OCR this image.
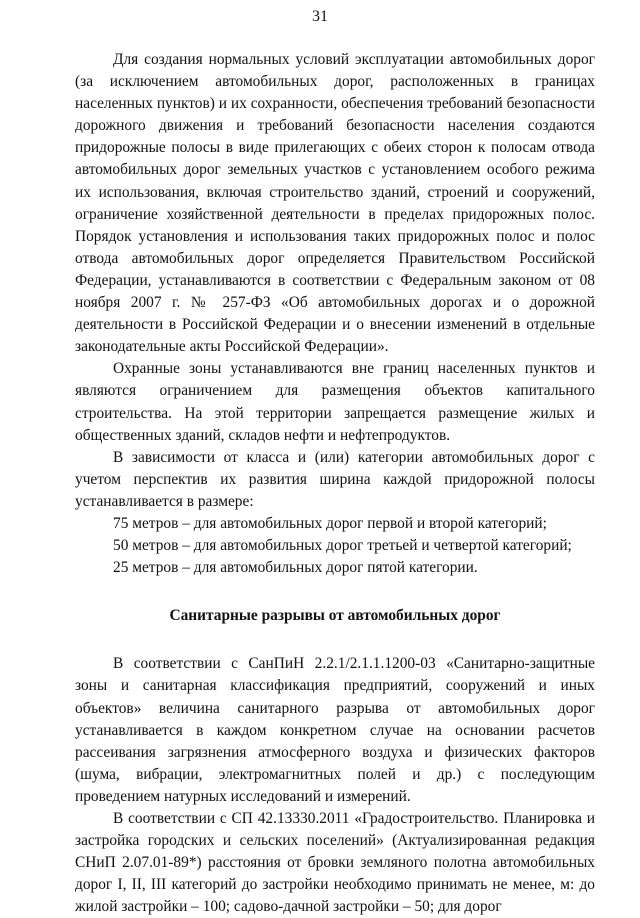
31

Для создания нормальных условий эксплуатации автомобильных дорог (за исключением автомобильных дорог, расположенных в границах населенных пунктов) и их сохранности, обеспечения требований безопасности дорожного движения и требований безопасности населения создаются придорожные полосы в виде прилегающих с обеих сторон к полосам отвода автомобильных дорог земельных участков с установлением особого режима их использования, включая строительство зданий, строений и сооружений, ограничение хозяйственной деятельности в пределах придорожных полос. Порядок установления и использования таких придорожных полос и полос отвода автомобильных дорог определяется Правительством Российской Федерации, устанавливаются в соответствии с Федеральным законом от 08 ноября 2007 г. № 257-ФЗ «Об автомобильных дорогах и о дорожной деятельности в Российской Федерации и о внесении изменений в отдельные законодательные акты Российской Федерации».

Охранные зоны устанавливаются вне границ населенных пунктов и являются ограничением для размещения объектов капитального строительства. На этой территории запрещается размещение жилых и общественных зданий, складов нефти и нефтепродуктов.

В зависимости от класса и (или) категории автомобильных дорог с учетом перспектив их развития ширина каждой придорожной полосы устанавливается в размере:

75 метров – для автомобильных дорог первой и второй категорий;

50 метров – для автомобильных дорог третьей и четвертой категорий;

25 метров – для автомобильных дорог пятой категории.

Санитарные разрывы от автомобильных дорог

В соответствии с СанПиН 2.2.1/2.1.1.1200-03 «Санитарно-защитные зоны и санитарная классификация предприятий, сооружений и иных объектов» величина санитарного разрыва от автомобильных дорог устанавливается в каждом конкретном случае на основании расчетов рассеивания загрязнения атмосферного воздуха и физических факторов (шума, вибрации, электромагнитных полей и др.) с последующим проведением натурных исследований и измерений.

В соответствии с СП 42.13330.2011 «Градостроительство. Планировка и застройка городских и сельских поселений» (Актуализированная редакция СНиП 2.07.01-89*) расстояния от бровки земляного полотна автомобильных дорог I, II, III категорий до застройки необходимо принимать не менее, м: до жилой застройки – 100; садово-дачной застройки – 50; для дорог
